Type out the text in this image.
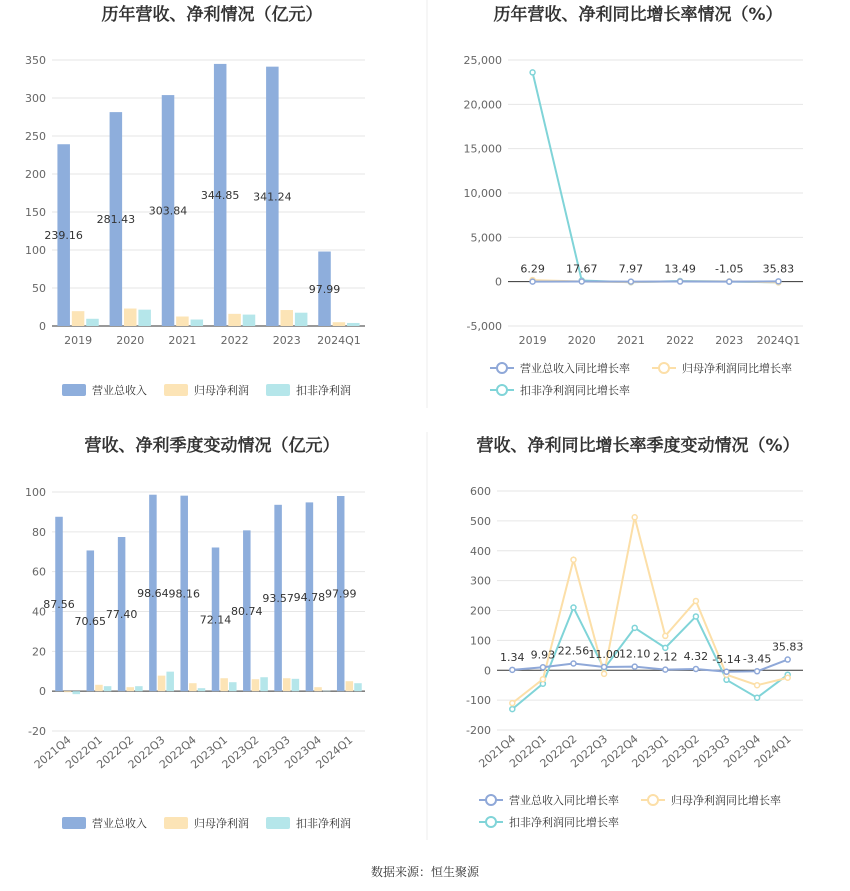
历年营收、净利情况（亿元）
0
50
100
150
200
250
300
350
2019 2020 2021 2022 2023 2024Q1
239.16
281.43
303.84
344.85 341.24
97.99
营业总收入	归母净利润	扣非净利润
历年营收、净利同比增长率情况（%）
-5,000
0
5,000
10,000
15,000
20,000
25,000
2019 2020 2021 2022 2023 2024Q1
6.29 17.67 7.97 13.49 -1.05 35.83
营业总收入同比增长率	归母净利润同比增长率
扣非净利润同比增长率
营收、净利季度变动情况（亿元）
-20
0
20
40
60
80
100
2021Q4
2022Q1
2022Q2
2022Q3
2022Q4
2023Q1
2023Q2
2023Q3
2023Q4
2024Q1
87.56
70.65
77.40
98.64 98.16
72.14
80.74
93.57 94.78 97.99
营业总收入	归母净利润	扣非净利润
营收、净利同比增长率季度变动情况（%）
-200
-100
0
100
200
300
400
500
600
2021Q4
2022Q1
2022Q2
2022Q3
2022Q4
2023Q1
2023Q2
2023Q3
2023Q4
2024Q1
1.34 9.93 22.56 11.00 12.10 2.12 4.32 -5.14 -3.45
35.83
营业总收入同比增长率	归母净利润同比增长率
扣非净利润同比增长率
数据来源：恒生聚源
